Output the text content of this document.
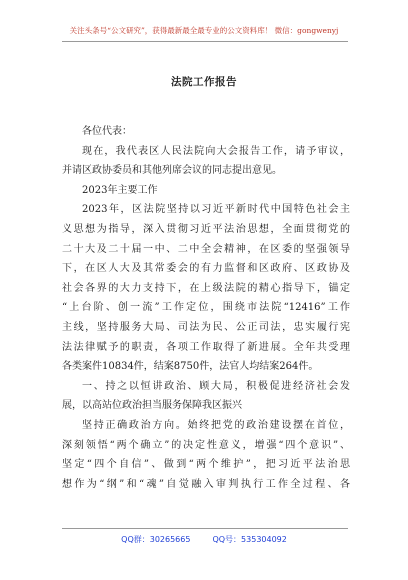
关注头条号“公文研究”，获得最新最全最专业的公文资料库！ 微信：gongwenyj
法院工作报告
各位代表：
现在，我代表区人民法院向大会报告工作，请予审议，
并请区政协委员和其他列席会议的同志提出意见。
2023年主要工作
2023年，区法院坚持以习近平新时代中国特色社会主
义思想为指导，深入贯彻习近平法治思想，全面贯彻党的
二十大及二十届一中、二中全会精神，在区委的坚强领导
下，在区人大及其常委会的有力监督和区政府、区政协及
社会各界的大力支持下，在上级法院的精心指导下，锚定
“上台阶、创一流”工作定位，围绕市法院“12416”工作
主线，坚持服务大局、司法为民、公正司法，忠实履行宪
法法律赋予的职责，各项工作取得了新进展。全年共受理
各类案件10834件，结案8750件，法官人均结案264件。
一、持之以恒讲政治、顾大局，积极促进经济社会发
展，以高站位政治担当服务保障我区振兴
坚持正确政治方向。始终把党的政治建设摆在首位，
深刻领悟“两个确立”的决定性意义，增强“四个意识”、
坚定“四个自信”、做到“两个维护”，把习近平法治思
想作为“纲”和“魂”自觉融入审判执行工作全过程、各
QQ群：30265665	QQ号：535304092
